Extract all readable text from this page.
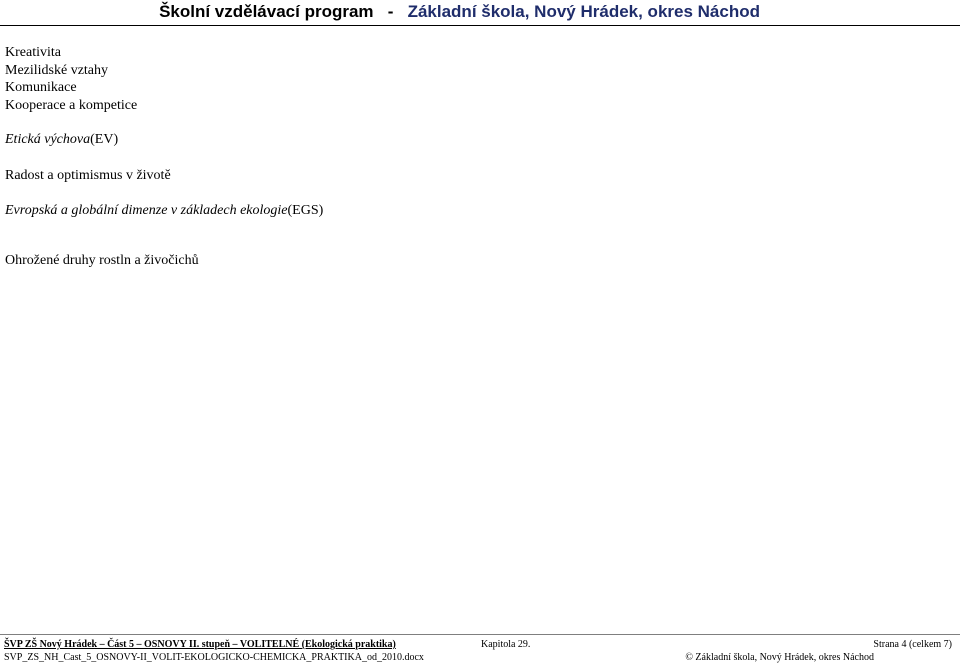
Školní vzdělávací program - Základní škola, Nový Hrádek, okres Náchod
Kreativita
Mezilidské vztahy
Komunikace
Kooperace a kompetice
Etická výchova(EV)
Radost a optimismus v životě
Evropská a globální dimenze v základech ekologie(EGS)
Ohrožené druhy rostln a živočichů
ŠVP ZŠ Nový Hrádek – Část 5 – OSNOVY II. stupeň – VOLITELNÉ (Ekologická praktika)	Kapitola 29.	Strana 4 (celkem 7)
SVP_ZS_NH_Cast_5_OSNOVY-II_VOLIT-EKOLOGICKO-CHEMICKA_PRAKTIKA_od_2010.docx	© Základní škola, Nový Hrádek, okres Náchod
